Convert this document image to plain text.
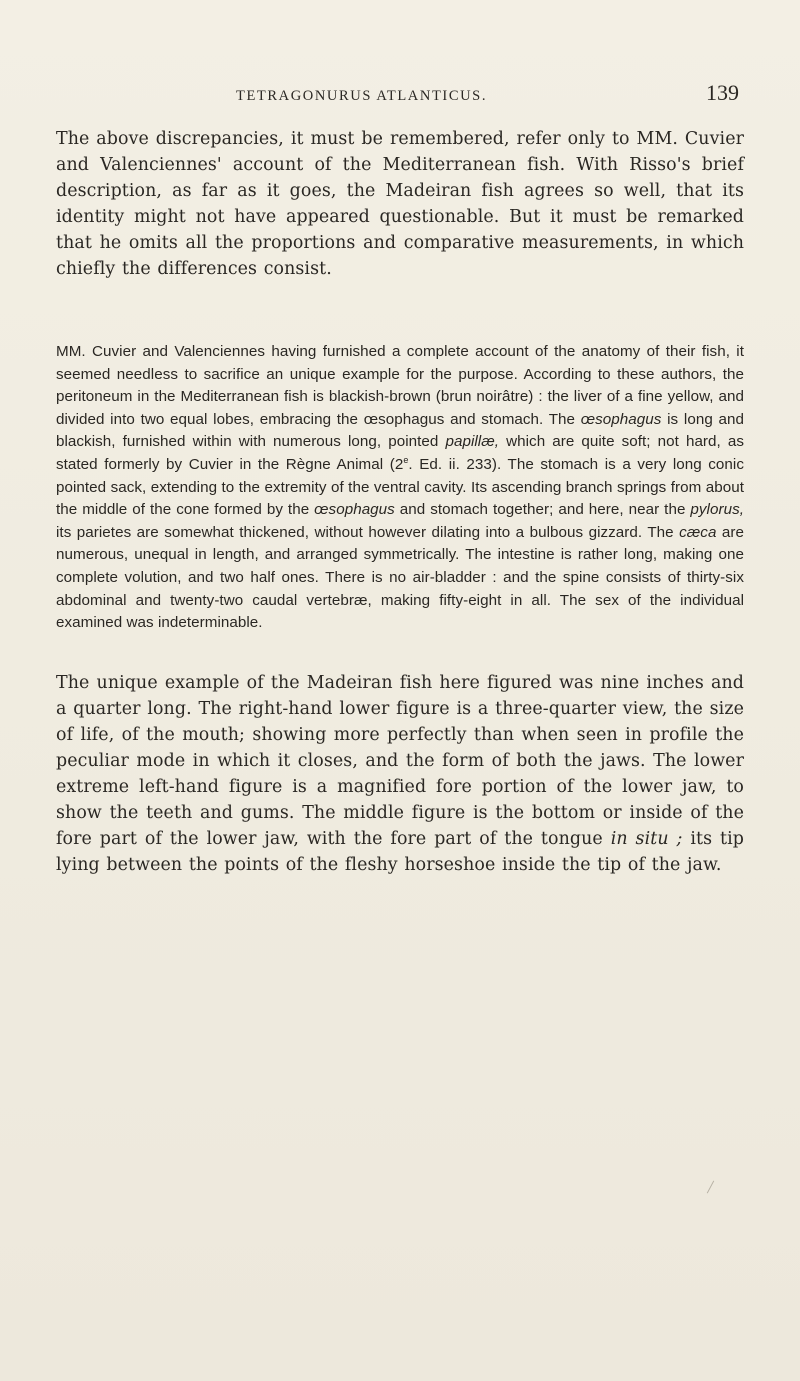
TETRAGONURUS ATLANTICUS.	139

The above discrepancies, it must be remembered, refer only to MM. Cuvier and Valenciennes' account of the Mediterranean fish. With Risso's brief description, as far as it goes, the Madeiran fish agrees so well, that its identity might not have appeared questionable. But it must be remarked that he omits all the proportions and comparative measurements, in which chiefly the differences consist.

MM. Cuvier and Valenciennes having furnished a complete account of the anatomy of their fish, it seemed needless to sacrifice an unique example for the purpose. According to these authors, the peritoneum in the Mediterranean fish is blackish-brown (brun noirâtre) : the liver of a fine yellow, and divided into two equal lobes, embracing the œsophagus and stomach. The œsophagus is long and blackish, furnished within with numerous long, pointed papillæ, which are quite soft; not hard, as stated formerly by Cuvier in the Règne Animal (2e. Ed. ii. 233). The stomach is a very long conic pointed sack, extending to the extremity of the ventral cavity. Its ascending branch springs from about the middle of the cone formed by the œsophagus and stomach together; and here, near the pylorus, its parietes are somewhat thickened, without however dilating into a bulbous gizzard. The cæca are numerous, unequal in length, and arranged symmetrically. The intestine is rather long, making one complete volution, and two half ones. There is no air-bladder : and the spine consists of thirty-six abdominal and twenty-two caudal vertebræ, making fifty-eight in all. The sex of the individual examined was indeterminable.

The unique example of the Madeiran fish here figured was nine inches and a quarter long. The right-hand lower figure is a three-quarter view, the size of life, of the mouth; showing more perfectly than when seen in profile the peculiar mode in which it closes, and the form of both the jaws. The lower extreme left-hand figure is a magnified fore portion of the lower jaw, to show the teeth and gums. The middle figure is the bottom or inside of the fore part of the lower jaw, with the fore part of the tongue in situ ; its tip lying between the points of the fleshy horseshoe inside the tip of the jaw.
